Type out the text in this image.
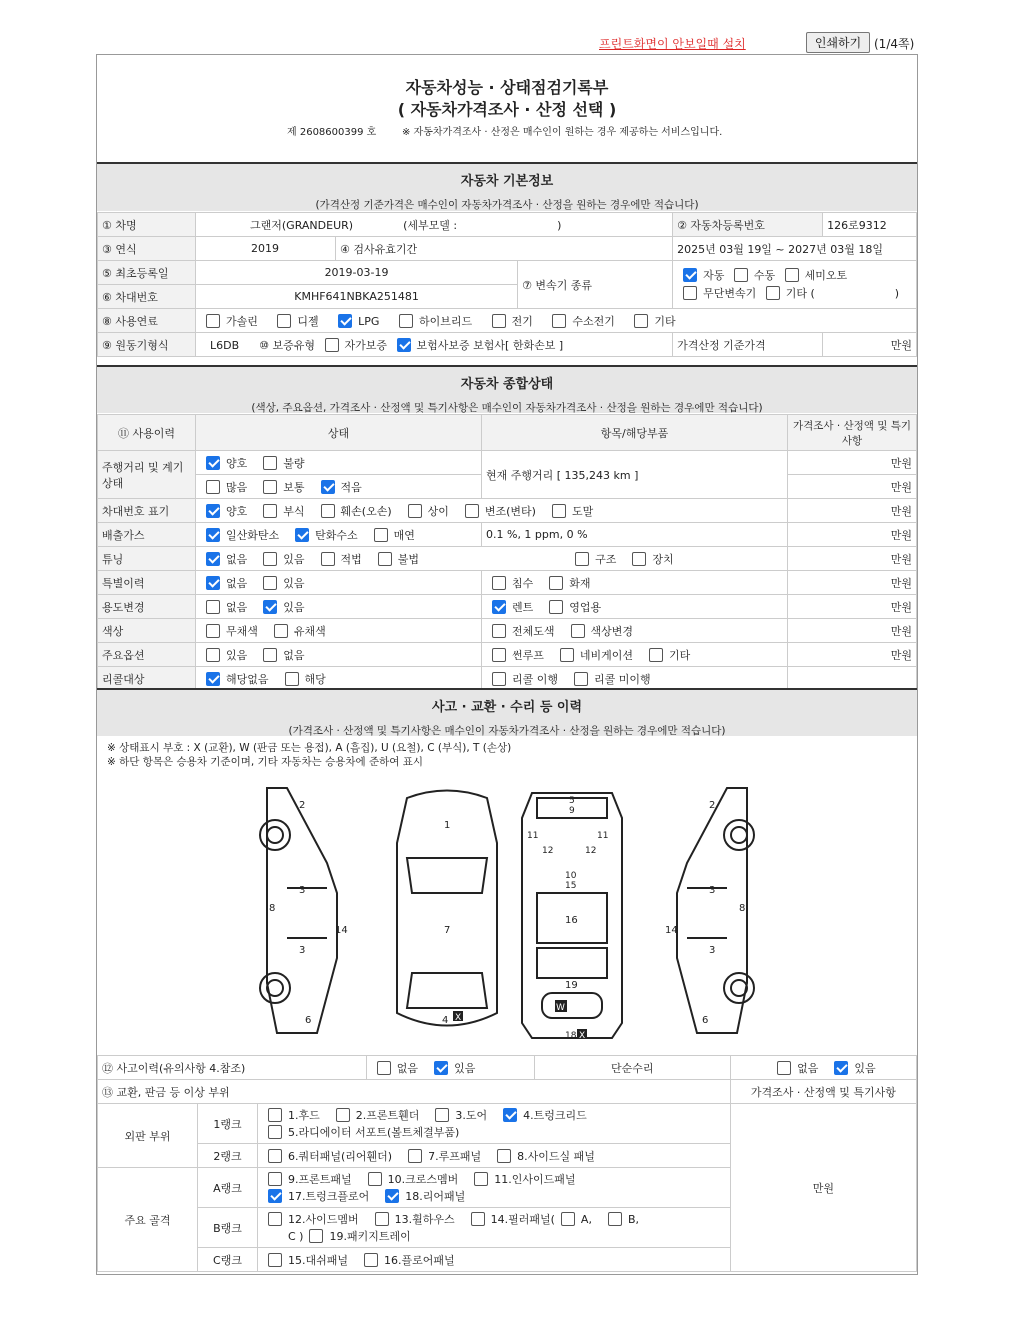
프린트화면이 안보일때 설치	인쇄하기	(1/4쪽)
자동차성능 · 상태점검기록부
( 자동차가격조사 · 산정 선택 )
제 2608600399 호	※ 자동차가격조사 · 산정은 매수인이 원하는 경우 제공하는 서비스입니다.
자동차 기본정보
(가격산정 기준가격은 매수인이 자동차가격조사 · 산정을 원하는 경우에만 적습니다)
① 차명	그랜저(GRANDEUR) (세부모델 : )			② 자동차등록번호	126로9312
③ 연식	2019	④ 검사유효기간		2025년 03월 19일 ~ 2027년 03월 18일	
⑤ 최초등록일	2019-03-19		⑦ 변속기 종류	자동 수동 세미오토
무단변속기 기타 ( )	
⑥ 차대번호	KMHF641NBKA251481				
⑧ 사용연료	가솔린 디젤 LPG 하이브리드 전기 수소전기 기타				
⑨ 원동기형식	L6DB ⑩ 보증유형 자가보증 보험사보증 보험사[ 한화손보 ]			가격산정 기준가격	만원
자동차 종합상태
(색상, 주요옵션, 가격조사 · 산정액 및 특기사항은 매수인이 자동차가격조사 · 산정을 원하는 경우에만 적습니다)
⑪ 사용이력	상태	항목/해당부품	가격조사 · 산정액 및 특기사항
주행거리 및 계기상태	양호 불량	현재 주행거리 [ 135,243 km ]	만원
	많음 보통 적음		만원
차대번호 표기	양호 부식 훼손(오손) 상이 변조(변타) 도말		만원
배출가스	일산화탄소 탄화수소 매연	0.1 %, 1 ppm, 0 %	만원
튜닝	없음 있음 적법 불법 구조 장치		만원
특별이력	없음 있음	침수 화재	만원
용도변경	없음 있음	렌트 영업용	만원
색상	무채색 유채색	전체도색 색상변경	만원
주요옵션	있음 없음	썬루프 네비게이션 기타	만원
리콜대상	해당없음 해당	리콜 이행 리콜 미이행	
사고 · 교환 · 수리 등 이력
(가격조사 · 산정액 및 특기사항은 매수인이 자동차가격조사 · 산정을 원하는 경우에만 적습니다)
※ 상태표시 부호 : X (교환), W (판금 또는 용접), A (흠집), U (요철), C (부식), T (손상)
※ 하단 항목은 승용차 기준이며, 기타 자동차는 승용차에 준하여 표시
2
3
3
8
14
6
1
7
4 X
5
9
10
15
16
19
11	11
12	12
W
18 X
2
3
3
8
14
6
⑫ 사고이력(유의사항 4.참조)			없음 있음	단순수리	없음 있음
⑬ 교환, 판금 등 이상 부위					가격조사 · 산정액 및 특기사항
외판 부위	1랭크	1.후드 2.프론트휀더 3.도어 4.트렁크리드
5.라디에이터 서포트(볼트체결부품)			만원
	2랭크	6.쿼터패널(리어휀더) 7.루프패널 8.사이드실 패널			
주요 골격	A랭크	9.프론트패널 10.크로스멤버 11.인사이드패널
17.트렁크플로어 18.리어패널			
	B랭크	12.사이드멤버 13.휠하우스 14.필러패널( A, B,
C ) 19.패키지트레이			
	C랭크	15.대쉬패널 16.플로어패널			
